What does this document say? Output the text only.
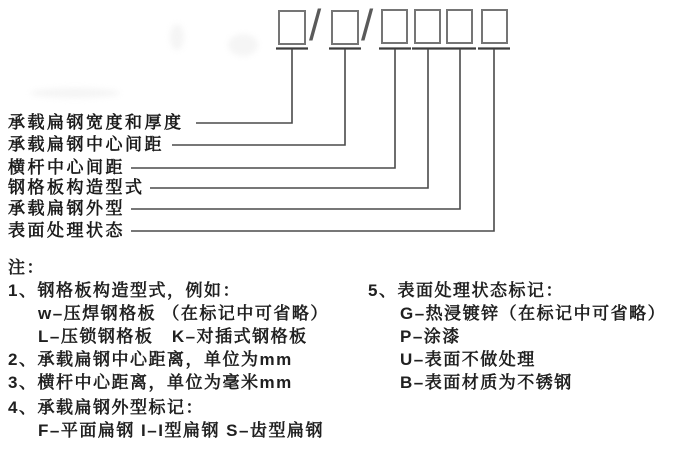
/ /
承载扁钢宽度和厚度
承载扁钢中心间距
横杆中心间距
钢格板构造型式
承载扁钢外型
表面处理状态
注：
1、钢格板构造型式，例如：
w–压焊钢格板 （在标记中可省略）
L–压锁钢格板　K–对插式钢格板
2、承载扁钢中心距离，单位为mm
3、横杆中心距离，单位为毫米mm
4、承载扁钢外型标记：
F–平面扁钢 I–I型扁钢 S–齿型扁钢
5、表面处理状态标记：
G–热浸镀锌（在标记中可省略）
P–涂漆
U–表面不做处理
B–表面材质为不锈钢
